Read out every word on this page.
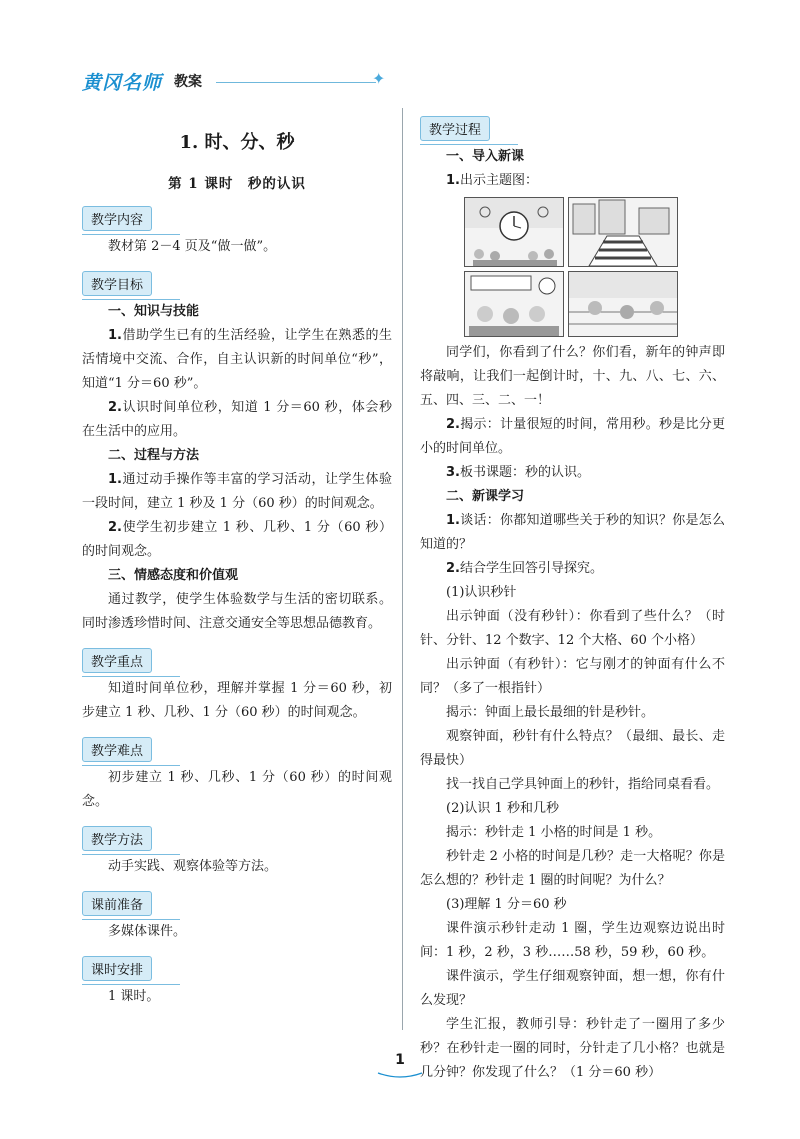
黄冈名师 教案	✦
1. 时、分、秒
第 1 课时　秒的认识
教学内容

教材第 2－4 页及“做一做”。

教学目标
一、知识与技能

1.借助学生已有的生活经验，让学生在熟悉的生活情境中交流、合作，自主认识新的时间单位“秒”，知道“1 分＝60 秒”。

2.认识时间单位秒，知道 1 分＝60 秒，体会秒在生活中的应用。

二、过程与方法

1.通过动手操作等丰富的学习活动，让学生体验一段时间，建立 1 秒及 1 分（60 秒）的时间观念。

2.使学生初步建立 1 秒、几秒、1 分（60 秒）的时间观念。

三、情感态度和价值观

通过教学，使学生体验数学与生活的密切联系。同时渗透珍惜时间、注意交通安全等思想品德教育。

教学重点

知道时间单位秒，理解并掌握 1 分＝60 秒，初步建立 1 秒、几秒、1 分（60 秒）的时间观念。

教学难点

初步建立 1 秒、几秒、1 分（60 秒）的时间观念。

教学方法

动手实践、观察体验等方法。

课前准备

多媒体课件。

课时安排

1 课时。

教学过程
一、导入新课

1.出示主题图：

同学们，你看到了什么？你们看，新年的钟声即将敲响，让我们一起倒计时，十、九、八、七、六、五、四、三、二、一！

2.揭示：计量很短的时间，常用秒。秒是比分更小的时间单位。

3.板书课题：秒的认识。

二、新课学习

1.谈话：你都知道哪些关于秒的知识？你是怎么知道的？

2.结合学生回答引导探究。

(1)认识秒针

出示钟面（没有秒针）：你看到了些什么？（时针、分针、12 个数字、12 个大格、60 个小格）

出示钟面（有秒针）：它与刚才的钟面有什么不同？（多了一根指针）

揭示：钟面上最长最细的针是秒针。

观察钟面，秒针有什么特点？（最细、最长、走得最快）

找一找自己学具钟面上的秒针，指给同桌看看。

(2)认识 1 秒和几秒

揭示：秒针走 1 小格的时间是 1 秒。

秒针走 2 小格的时间是几秒？走一大格呢？你是怎么想的？秒针走 1 圈的时间呢？为什么？

(3)理解 1 分＝60 秒

课件演示秒针走动 1 圈，学生边观察边说出时间：1 秒，2 秒，3 秒……58 秒，59 秒，60 秒。

课件演示，学生仔细观察钟面，想一想，你有什么发现？

学生汇报，教师引导：秒针走了一圈用了多少秒？在秒针走一圈的同时，分针走了几小格？也就是几分钟？你发现了什么？（1 分＝60 秒）

1
